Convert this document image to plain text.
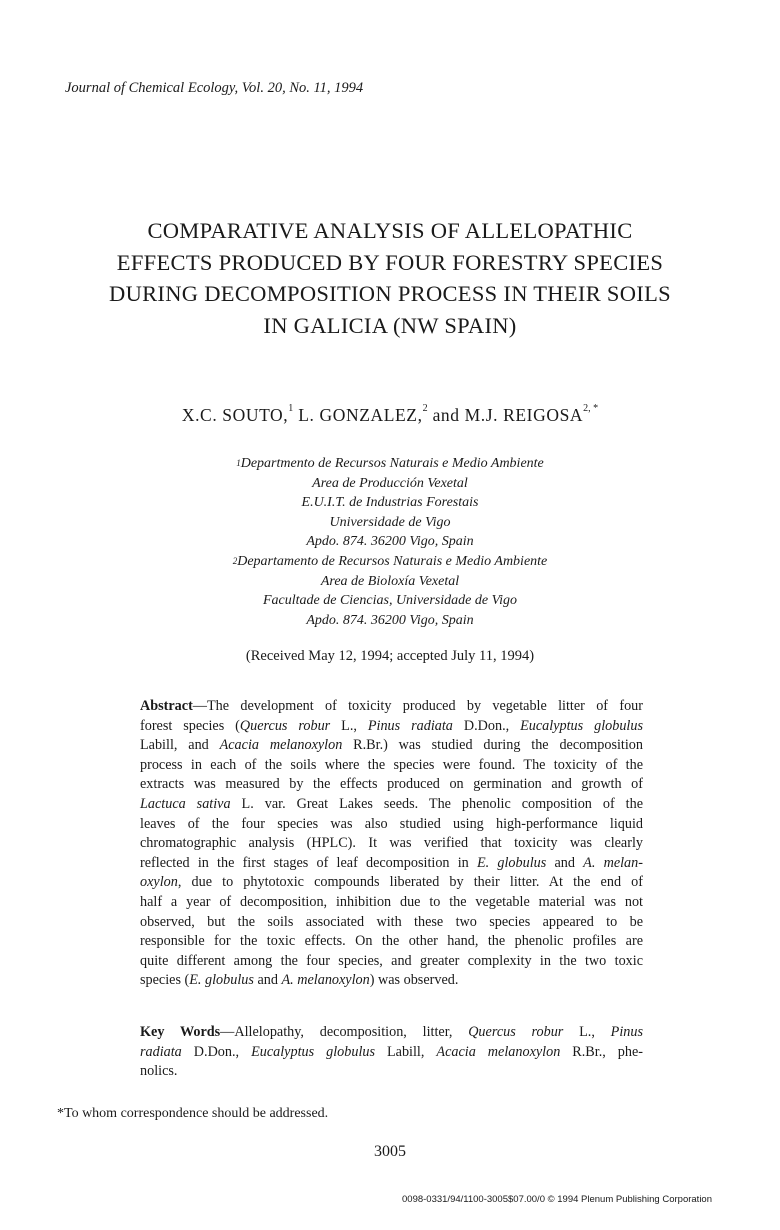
Journal of Chemical Ecology, Vol. 20, No. 11, 1994
COMPARATIVE ANALYSIS OF ALLELOPATHIC
EFFECTS PRODUCED BY FOUR FORESTRY SPECIES
DURING DECOMPOSITION PROCESS IN THEIR SOILS
IN GALICIA (NW SPAIN)
X.C. SOUTO,$^1$ L. GONZALEZ,$^2$ and M.J. $REIGOSA^{2, *}$
$^1$Departmento de Recursos Naturais e Medio Ambiente
Area de Producción Vexetal
E.U.I.T. de Industrias Forestais
Universidade de Vigo
Apdo. 874. 36200 Vigo, Spain
$^2$Departamento de Recursos Naturais e Medio Ambiente
Area de Bioloxía Vexetal
Facultade de Ciencias, Universidade de Vigo
Apdo. 874. 36200 Vigo, Spain
(Received May 12, 1994; accepted July 11, 1994)
Abstract—The development of toxicity produced by vegetable litter of four
forest species (Quercus robur L., Pinus radiata D.Don., Eucalyptus globulus
Labill, and Acacia melanoxylon R.Br.) was studied during the decomposition
process in each of the soils where the species were found. The toxicity of the
extracts was measured by the effects produced on germination and growth of
Lactuca sativa L. var. Great Lakes seeds. The phenolic composition of the
leaves of the four species was also studied using high-performance liquid
chromatographic analysis (HPLC). It was verified that toxicity was clearly
reflected in the first stages of leaf decomposition in E. globulus and A. melan-
oxylon, due to phytotoxic compounds liberated by their litter. At the end of
half a year of decomposition, inhibition due to the vegetable material was not
observed, but the soils associated with these two species appeared to be
responsible for the toxic effects. On the other hand, the phenolic profiles are
quite different among the four species, and greater complexity in the two toxic
species (E. globulus and A. melanoxylon) was observed.
Key Words—Allelopathy, decomposition, litter, Quercus robur L., Pinus
radiata D.Don., Eucalyptus globulus Labill, Acacia melanoxylon R.Br., phe-
nolics.
*To whom correspondence should be addressed.
3005
0098-0331/94/1100-3005$07.00/0 © 1994 Plenum Publishing Corporation
